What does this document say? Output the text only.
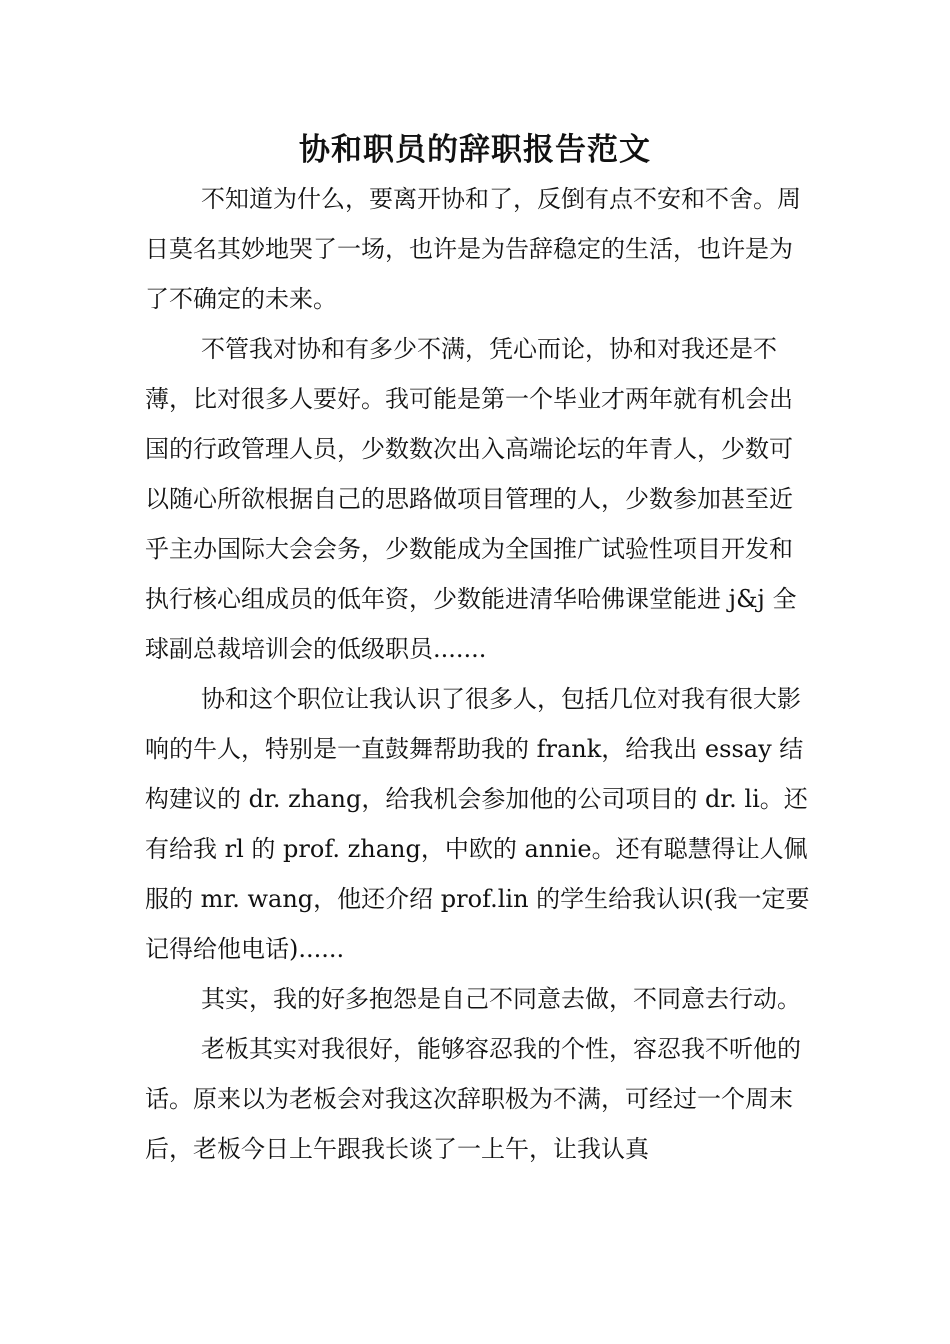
协和职员的辞职报告范文

不知道为什么，要离开协和了，反倒有点不安和不舍。周日莫名其妙地哭了一场，也许是为告辞稳定的生活，也许是为了不确定的未来。

不管我对协和有多少不满，凭心而论，协和对我还是不薄，比对很多人要好。我可能是第一个毕业才两年就有机会出国的行政管理人员，少数数次出入高端论坛的年青人，少数可以随心所欲根据自己的思路做项目管理的人，少数参加甚至近乎主办国际大会会务，少数能成为全国推广试验性项目开发和执行核心组成员的低年资，少数能进清华哈佛课堂能进 j&j 全球副总裁培训会的低级职员.......

协和这个职位让我认识了很多人，包括几位对我有很大影响的牛人，特别是一直鼓舞帮助我的 frank，给我出 essay 结构建议的 dr. zhang，给我机会参加他的公司项目的 dr. li。还有给我 rl 的 prof. zhang，中欧的 annie。还有聪慧得让人佩服的 mr. wang，他还介绍 prof.lin 的学生给我认识(我一定要记得给他电话)......

其实，我的好多抱怨是自己不同意去做，不同意去行动。

老板其实对我很好，能够容忍我的个性，容忍我不听他的话。原来以为老板会对我这次辞职极为不满，可经过一个周末后，老板今日上午跟我长谈了一上午，让我认真
